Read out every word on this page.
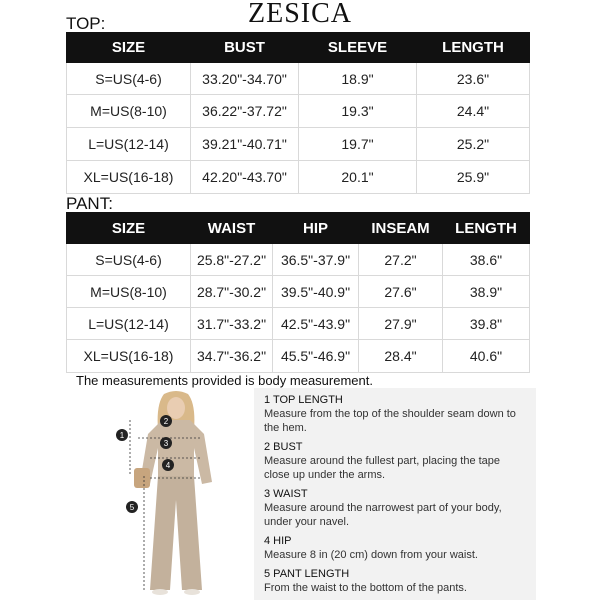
ZESICA
TOP:
SIZE	BUST	SLEEVE	LENGTH
S=US(4-6)	33.20"-34.70"	18.9"	23.6"
M=US(8-10)	36.22"-37.72"	19.3"	24.4"
L=US(12-14)	39.21"-40.71"	19.7"	25.2"
XL=US(16-18)	42.20"-43.70"	20.1"	25.9"
PANT:
SIZE	WAIST	HIP	INSEAM	LENGTH
S=US(4-6)	25.8"-27.2"	36.5"-37.9"	27.2"	38.6"
M=US(8-10)	28.7"-30.2"	39.5"-40.9"	27.6"	38.9"
L=US(12-14)	31.7"-33.2"	42.5"-43.9"	27.9"	39.8"
XL=US(16-18)	34.7"-36.2"	45.5"-46.9"	28.4"	40.6"
The measurements provided is body measurement.
1
2
3
4
5
1 TOP LENGTH
Measure from the top of the shoulder seam down to the hem.
2 BUST
Measure around the fullest part, placing the tape close up under the arms.
3 WAIST
Measure around the narrowest part of your body, under your navel.
4 HIP
Measure 8 in (20 cm) down from your waist.
5 PANT LENGTH
From the waist to the bottom of the pants.
